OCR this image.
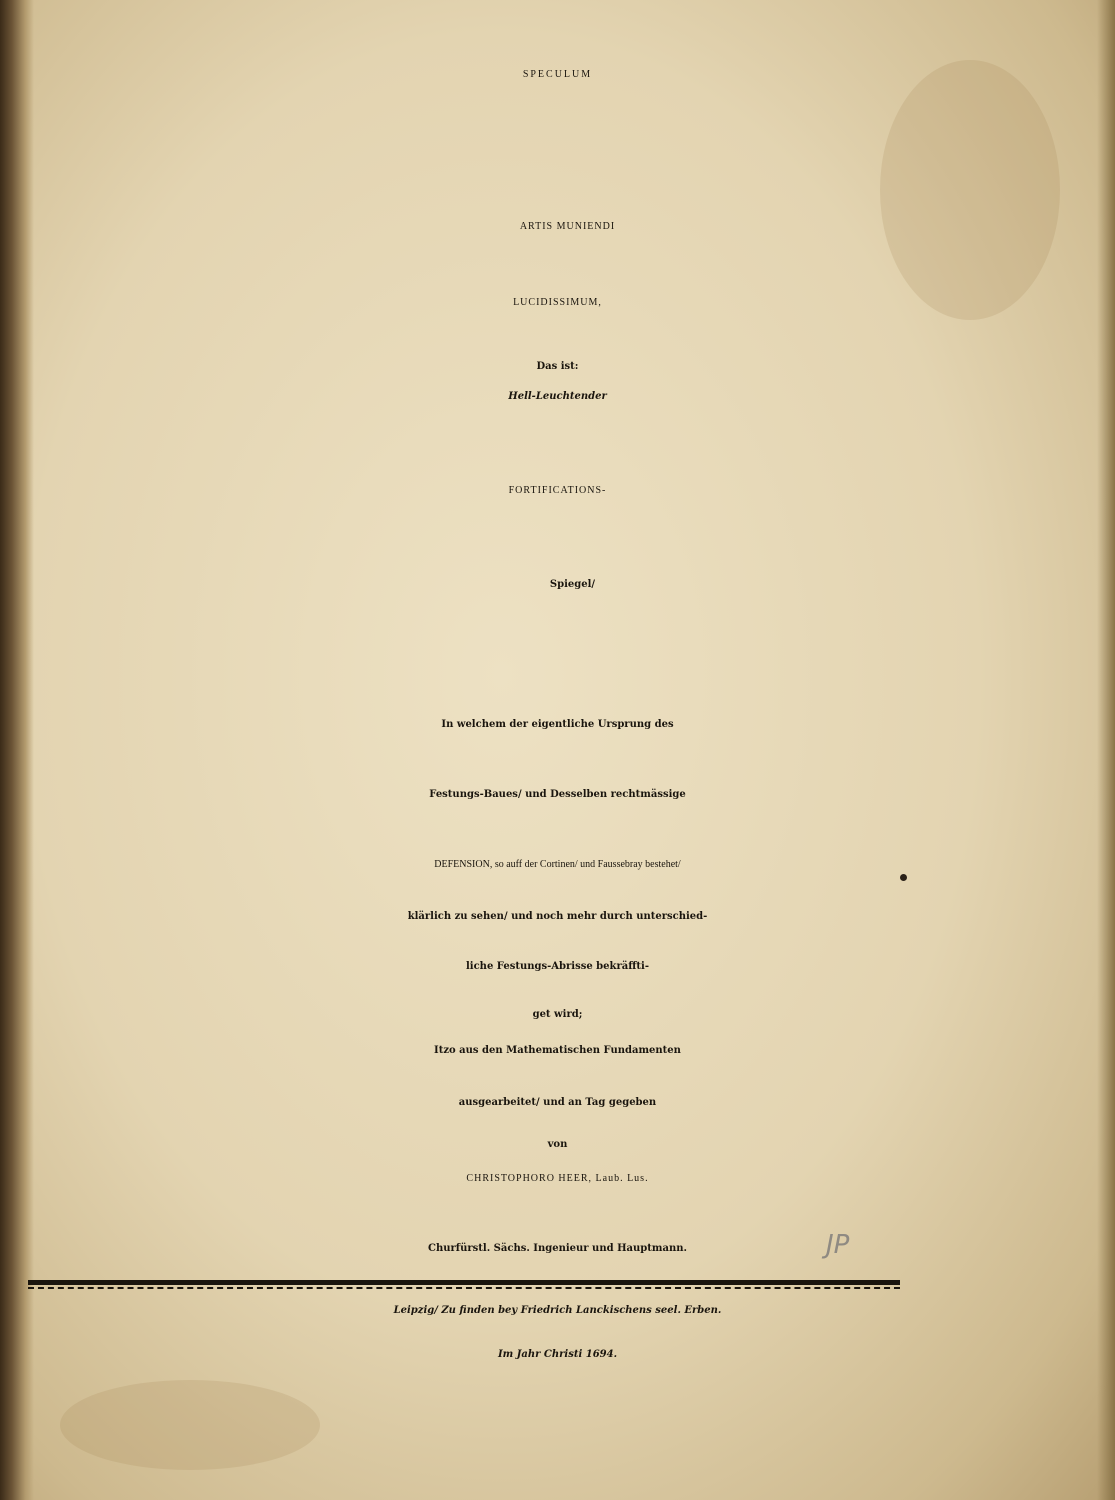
SPECULUM
ARTIS MUNIENDI
LUCIDISSIMUM,
Das ist:
Hell-Leuchtender
FORTIFICATIONS-
Spiegel/
In welchem der eigentliche Ursprung des
Festungs-Baues/ und Desselben rechtmässige
DEFENSION, so auff der Cortinen/ und Faussebray bestehet/
klärlich zu sehen/ und noch mehr durch unterschied-
liche Festungs-Abrisse bekräffti-
get wird;
Itzo aus den Mathematischen Fundamenten
ausgearbeitet/ und an Tag gegeben
von
CHRISTOPHORO HEER, Laub. Lus.
Churfürstl. Sächs. Ingenieur und Hauptmann.	JP
Leipzig/ Zu finden bey Friedrich Lanckischens seel. Erben.
Im Jahr Christi 1694.
